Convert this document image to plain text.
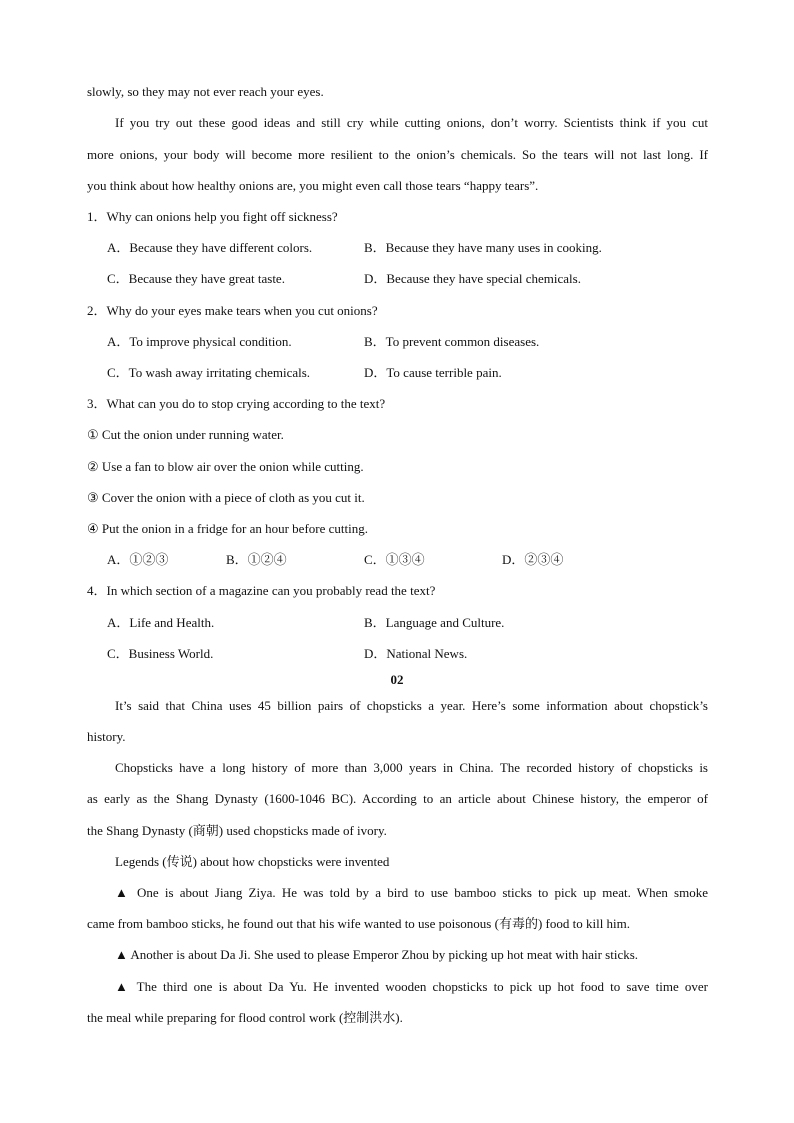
slowly, so they may not ever reach your eyes.
If you try out these good ideas and still cry while cutting onions, don’t worry. Scientists think if you cut
more onions, your body will become more resilient to the onion’s chemicals. So the tears will not last long. If
you think about how healthy onions are, you might even call those tears “happy tears”.
1．Why can onions help you fight off sickness?
A．Because they have different colors.	B．Because they have many uses in cooking.
C．Because they have great taste.	D．Because they have special chemicals.
2．Why do your eyes make tears when you cut onions?
A．To improve physical condition.	B．To prevent common diseases.
C．To wash away irritating chemicals.	D．To cause terrible pain.
3．What can you do to stop crying according to the text?
① Cut the onion under running water.
② Use a fan to blow air over the onion while cutting.
③ Cover the onion with a piece of cloth as you cut it.
④ Put the onion in a fridge for an hour before cutting.
A．①②③	B．①②④	C．①③④	D．②③④
4．In which section of a magazine can you probably read the text?
A．Life and Health.	B．Language and Culture.
C．Business World.	D．National News.
02
It’s said that China uses 45 billion pairs of chopsticks a year. Here’s some information about chopstick’s
history.
Chopsticks have a long history of more than 3,000 years in China. The recorded history of chopsticks is
as early as the Shang Dynasty (1600-1046 BC). According to an article about Chinese history, the emperor of
the Shang Dynasty (商朝) used chopsticks made of ivory.
Legends (传说) about how chopsticks were invented
▲ One is about Jiang Ziya. He was told by a bird to use bamboo sticks to pick up meat. When smoke
came from bamboo sticks, he found out that his wife wanted to use poisonous (有毒的) food to kill him.
▲ Another is about Da Ji. She used to please Emperor Zhou by picking up hot meat with hair sticks.
▲ The third one is about Da Yu. He invented wooden chopsticks to pick up hot food to save time over
the meal while preparing for flood control work (控制洪水).
